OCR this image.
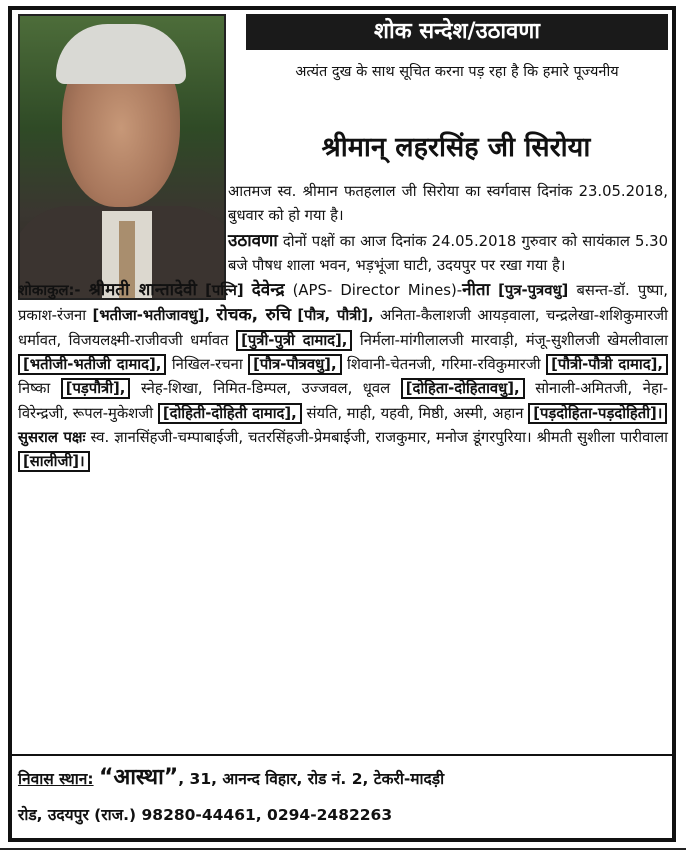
शोक सन्देश/उठावणा
अत्यंत दुख के साथ सूचित करना पड़ रहा है कि हमारे पूज्यनीय
श्रीमान् लहरसिंह जी सिरोया

आतमज स्व. श्रीमान फतहलाल जी सिरोया का स्वर्गवास दिनांक 23.05.2018, बुधवार को हो गया है।

उठावणा दोनों पक्षों का आज दिनांक 24.05.2018 गुरुवार को सायंकाल 5.30 बजे पौषध शाला भवन, भड़भूंजा घाटी, उदयपुर पर रखा गया है।

शोकाकुल:- श्रीमती शान्तादेवी [पत्नि] देवेन्द्र (APS- Director Mines)-नीता [पुत्र-पुत्रवधु] बसन्त-डॉ. पुष्पा, प्रकाश-रंजना [भतीजा-भतीजावधु], रोचक, रुचि [पौत्र, पौत्री], अनिता-कैलाशजी आयड़वाला, चन्द्रलेखा-शशिकुमारजी धर्मावत, विजयलक्ष्मी-राजीवजी धर्मावत [पुत्री-पुत्री दामाद], निर्मला-मांगीलालजी मारवाड़ी, मंजू-सुशीलजी खेमलीवाला [भतीजी-भतीजी दामाद], निखिल-रचना [पौत्र-पौत्रवधु], शिवानी-चेतनजी, गरिमा-रविकुमारजी [पौत्री-पौत्री दामाद], निष्का [पड़पौत्री], स्नेह-शिखा, निमित-डिम्पल, उज्जवल, धूवल [दोहिता-दोहितावधु], सोनाली-अमितजी, नेहा-विरेन्द्रजी, रूपल-मुकेशजी [दोहिती-दोहिती दामाद], संयति, माही, यहवी, मिष्ठी, अस्मी, अहान [पड़दोहिता-पड़दोहिती]।

सुसराल पक्षः स्व. ज्ञानसिंहजी-चम्पाबाईजी, चतरसिंहजी-प्रेमबाईजी, राजकुमार, मनोज डूंगरपुरिया। श्रीमती सुशीला पारीवाला [सालीजी]।

निवास स्थान: “आस्था”, 31, आनन्द विहार, रोड नं. 2, टेकरी-मादड़ी
रोड, उदयपुर (राज.) 98280-44461, 0294-2482263
